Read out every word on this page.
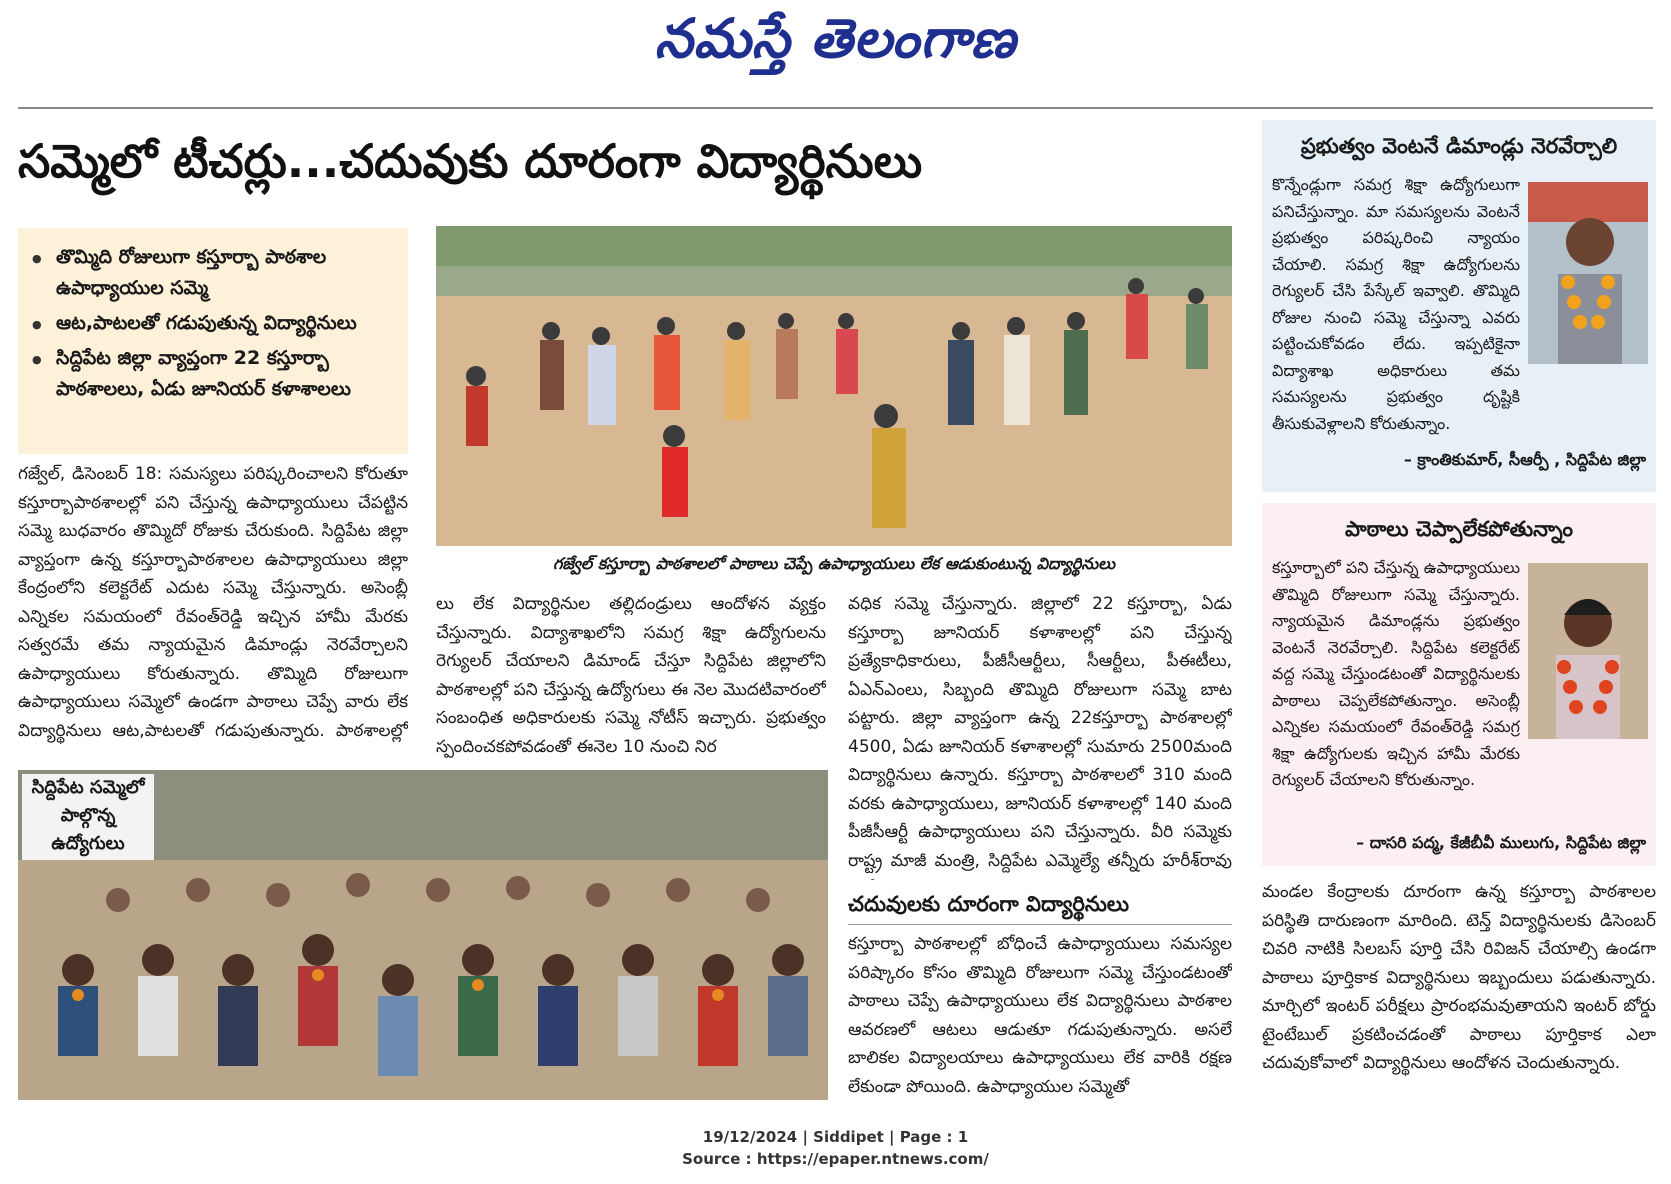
నమస్తే తెలంగాణ
సమ్మెలో టీచర్లు...చదువుకు దూరంగా విద్యార్థినులు
● తొమ్మిది రోజులుగా కస్తూర్బా పాఠశాల ఉపాధ్యాయుల సమ్మె
● ఆట,పాటలతో గడుపుతున్న విద్యార్థినులు
● సిద్దిపేట జిల్లా వ్యాప్తంగా 22 కస్తూర్బా పాఠశాలలు, ఏడు జూనియర్ కళాశాలలు
గజ్వేల్, డిసెంబర్ 18: సమస్యలు పరిష్కరించాలని కోరుతూ కస్తూర్బాపాఠశాలల్లో పని చేస్తున్న ఉపాధ్యాయులు చేపట్టిన సమ్మె బుధవారం తొమ్మిదో రోజుకు చేరుకుంది. సిద్దిపేట జిల్లా వ్యాప్తంగా ఉన్న కస్తూర్బాపాఠశాలల ఉపాధ్యాయులు జిల్లా కేంద్రంలోని కలెక్టరేట్ ఎదుట సమ్మె చేస్తున్నారు. అసెంబ్లీ ఎన్నికల సమయంలో రేవంత్‌రెడ్డి ఇచ్చిన హామీ మేరకు సత్వరమే తమ న్యాయమైన డిమాండ్లు నెరవేర్చాలని ఉపాధ్యాయులు కోరుతున్నారు. తొమ్మిది రోజులుగా ఉపాధ్యాయులు సమ్మెలో ఉండగా పాఠాలు చెప్పే వారు లేక విద్యార్థినులు ఆట,పాటలతో గడుపుతున్నారు. పాఠశాలల్లో
గజ్వేల్ కస్తూర్బా పాఠశాలలో పాఠాలు చెప్పే ఉపాధ్యాయులు లేక ఆడుకుంటున్న విద్యార్థినులు
లు లేక విద్యార్థినుల తల్లిదండ్రులు ఆందోళన వ్యక్తం చేస్తున్నారు. విద్యాశాఖలోని సమగ్ర శిక్షా ఉద్యోగులను రెగ్యులర్ చేయాలని డిమాండ్ చేస్తూ సిద్దిపేట జిల్లాలోని పాఠశాలల్లో పని చేస్తున్న ఉద్యోగులు ఈ నెల మొదటివారంలో సంబంధిత అధికారులకు సమ్మె నోటీస్ ఇచ్చారు. ప్రభుత్వం స్పందించకపోవడంతో ఈనెల 10 నుంచి నిర
వధిక సమ్మె చేస్తున్నారు. జిల్లాలో 22 కస్తూర్బా, ఏడు కస్తూర్బా జూనియర్ కళాశాలల్లో పని చేస్తున్న ప్రత్యేకాధికారులు, పీజీసీఆర్టీలు, సీఆర్టీలు, పీఈటీలు, ఏఎన్ఎంలు, సిబ్బంది తొమ్మిది రోజులుగా సమ్మె బాట పట్టారు. జిల్లా వ్యాప్తంగా ఉన్న 22కస్తూర్బా పాఠశాలల్లో 4500, ఏడు జూనియర్ కళాశాలల్లో సుమారు 2500మంది విద్యార్థినులు ఉన్నారు. కస్తూర్బా పాఠశాలలో 310 మంది వరకు ఉపాధ్యాయులు, జూనియర్ కళాశాలల్లో 140 మంది పీజీసీఆర్టీ ఉపాధ్యాయులు పని చేస్తున్నారు. వీరి సమ్మెకు రాష్ట్ర మాజీ మంత్రి, సిద్దిపేట ఎమ్మెల్యే తన్నీరు హరీశ్‌రావు
సిద్దిపేట సమ్మెలో పాల్గొన్న ఉద్యోగులు
చదువులకు దూరంగా విద్యార్థినులు
కస్తూర్బా పాఠశాలల్లో బోధించే ఉపాధ్యాయులు సమస్యల పరిష్కారం కోసం తొమ్మిది రోజులుగా సమ్మె చేస్తుండటంతో పాఠాలు చెప్పే ఉపాధ్యాయులు లేక విద్యార్థినులు పాఠశాల ఆవరణలో ఆటలు ఆడుతూ గడుపుతున్నారు. అసలే బాలికల విద్యాలయాలు ఉపాధ్యాయులు లేక వారికి రక్షణ లేకుండా పోయింది. ఉపాధ్యాయుల సమ్మెతో
ప్రభుత్వం వెంటనే డిమాండ్లు నెరవేర్చాలి
కొన్నేండ్లుగా సమగ్ర శిక్షా ఉద్యోగులుగా పనిచేస్తున్నాం. మా సమస్యలను వెంటనే ప్రభుత్వం పరిష్కరించి న్యాయం చేయాలి. సమగ్ర శిక్షా ఉద్యోగులను రెగ్యులర్ చేసి పేస్కేల్ ఇవ్వాలి. తొమ్మిది రోజుల నుంచి సమ్మె చేస్తున్నా ఎవరు పట్టించుకోవడం లేదు. ఇప్పటికైనా విద్యాశాఖ అధికారులు తమ సమస్యలను ప్రభుత్వం దృష్టికి తీసుకువెళ్లాలని కోరుతున్నాం.
– క్రాంతికుమార్, సీఆర్పీ , సిద్దిపేట జిల్లా
పాఠాలు చెప్పాలేకపోతున్నాం
కస్తూర్బాలో పని చేస్తున్న ఉపాధ్యాయులు తొమ్మిది రోజులుగా సమ్మె చేస్తున్నారు. న్యాయమైన డిమాండ్లను ప్రభుత్వం వెంటనే నెరవేర్చాలి. సిద్దిపేట కలెక్టరేట్ వద్ద సమ్మె చేస్తుండటంతో విద్యార్థినులకు పాఠాలు చెప్పలేకపోతున్నాం. అసెంబ్లీ ఎన్నికల సమయంలో రేవంత్‌రెడ్డి సమగ్ర శిక్షా ఉద్యోగులకు ఇచ్చిన హామీ మేరకు రెగ్యులర్ చేయాలని కోరుతున్నాం.
– దాసరి పద్మ, కేజీబీవీ ములుగు, సిద్దిపేట జిల్లా
మండల కేంద్రాలకు దూరంగా ఉన్న కస్తూర్బా పాఠశాలల పరిస్థితి దారుణంగా మారింది. టెన్త్ విద్యార్థినులకు డిసెంబర్ చివరి నాటికి సిలబస్ పూర్తి చేసి రివిజన్ చేయాల్సి ఉండగా పాఠాలు పూర్తికాక విద్యార్థినులు ఇబ్బందులు పడుతున్నారు. మార్చిలో ఇంటర్ పరీక్షలు ప్రారంభమవుతాయని ఇంటర్ బోర్డు టైంటేబుల్ ప్రకటించడంతో పాఠాలు పూర్తికాక ఎలా చదువుకోవాలో విద్యార్థినులు ఆందోళన చెందుతున్నారు.
19/12/2024 | Siddipet | Page : 1
Source : https://epaper.ntnews.com/
